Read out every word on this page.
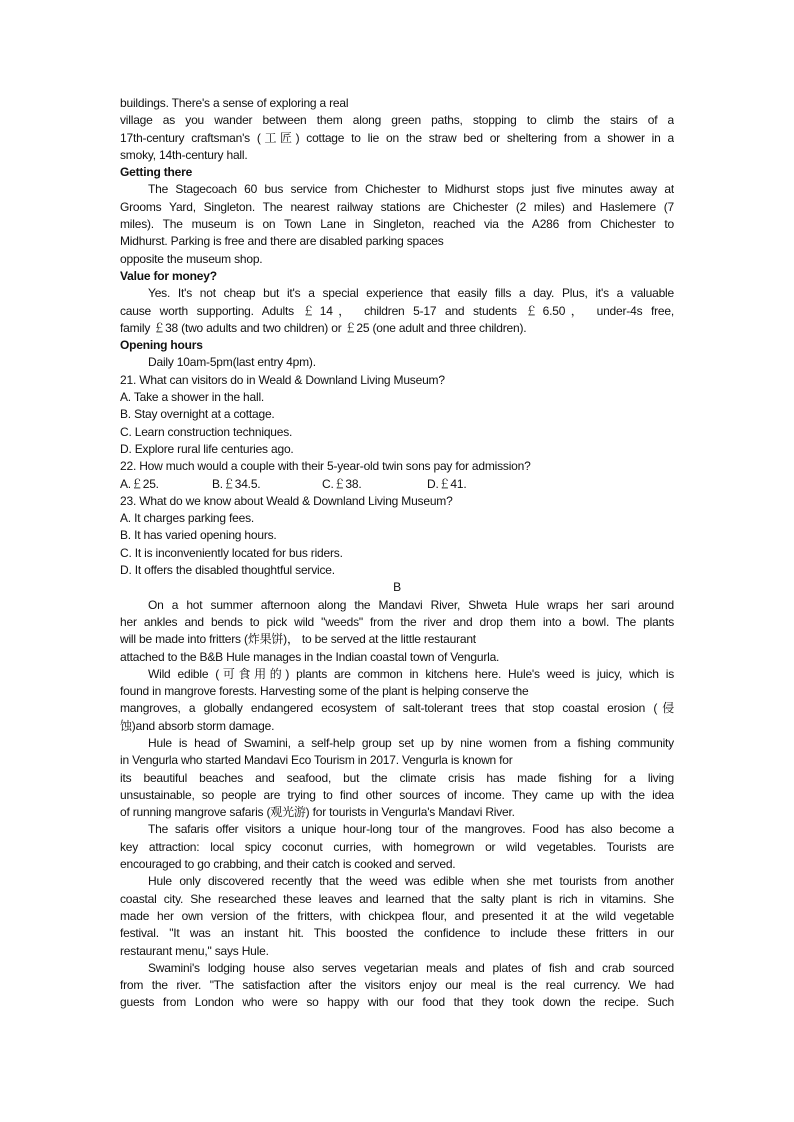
buildings. There's a sense of exploring a real
village as you wander between them along green paths, stopping to climb the stairs of a
17th-century craftsman's (工匠) cottage to lie on the straw bed or sheltering from a shower in a
smoky, 14th-century hall.
Getting there
The Stagecoach 60 bus service from Chichester to Midhurst stops just five minutes away at
Grooms Yard, Singleton. The nearest railway stations are Chichester (2 miles) and Haslemere (7
miles). The museum is on Town Lane in Singleton, reached via the A286 from Chichester to
Midhurst. Parking is free and there are disabled parking spaces
opposite the museum shop.
Value for money?
Yes. It's not cheap but it's a special experience that easily fills a day. Plus, it's a valuable
cause worth supporting. Adults ￡14， children 5-17 and students ￡6.50， under-4s free,
family ￡38 (two adults and two children) or ￡25 (one adult and three children).
Opening hours
Daily 10am-5pm(last entry 4pm).
21. What can visitors do in Weald & Downland Living Museum?
A. Take a shower in the hall.
B. Stay overnight at a cottage.
C. Learn construction techniques.
D. Explore rural life centuries ago.
22. How much would a couple with their 5-year-old twin sons pay for admission?
A.￡25.	B.￡34.5.	C.￡38.	D.￡41.
23. What do we know about Weald & Downland Living Museum?
A. It charges parking fees.
B. It has varied opening hours.
C. It is inconveniently located for bus riders.
D. It offers the disabled thoughtful service.
B
On a hot summer afternoon along the Mandavi River, Shweta Hule wraps her sari around
her ankles and bends to pick wild "weeds" from the river and drop them into a bowl. The plants
will be made into fritters (炸果饼)， to be served at the little restaurant
attached to the B&B Hule manages in the Indian coastal town of Vengurla.
Wild edible (可食用的) plants are common in kitchens here. Hule's weed is juicy, which is
found in mangrove forests. Harvesting some of the plant is helping conserve the
mangroves, a globally endangered ecosystem of salt-tolerant trees that stop coastal erosion (侵
蚀)and absorb storm damage.
Hule is head of Swamini, a self-help group set up by nine women from a fishing community
in Vengurla who started Mandavi Eco Tourism in 2017. Vengurla is known for
its beautiful beaches and seafood, but the climate crisis has made fishing for a living
unsustainable, so people are trying to find other sources of income. They came up with the idea
of running mangrove safaris (观光游) for tourists in Vengurla's Mandavi River.
The safaris offer visitors a unique hour-long tour of the mangroves. Food has also become a
key attraction: local spicy coconut curries, with homegrown or wild vegetables. Tourists are
encouraged to go crabbing, and their catch is cooked and served.
Hule only discovered recently that the weed was edible when she met tourists from another
coastal city. She researched these leaves and learned that the salty plant is rich in vitamins. She
made her own version of the fritters, with chickpea flour, and presented it at the wild vegetable
festival. "It was an instant hit. This boosted the confidence to include these fritters in our
restaurant menu," says Hule.
Swamini's lodging house also serves vegetarian meals and plates of fish and crab sourced
from the river. "The satisfaction after the visitors enjoy our meal is the real currency. We had
guests from London who were so happy with our food that they took down the recipe. Such
